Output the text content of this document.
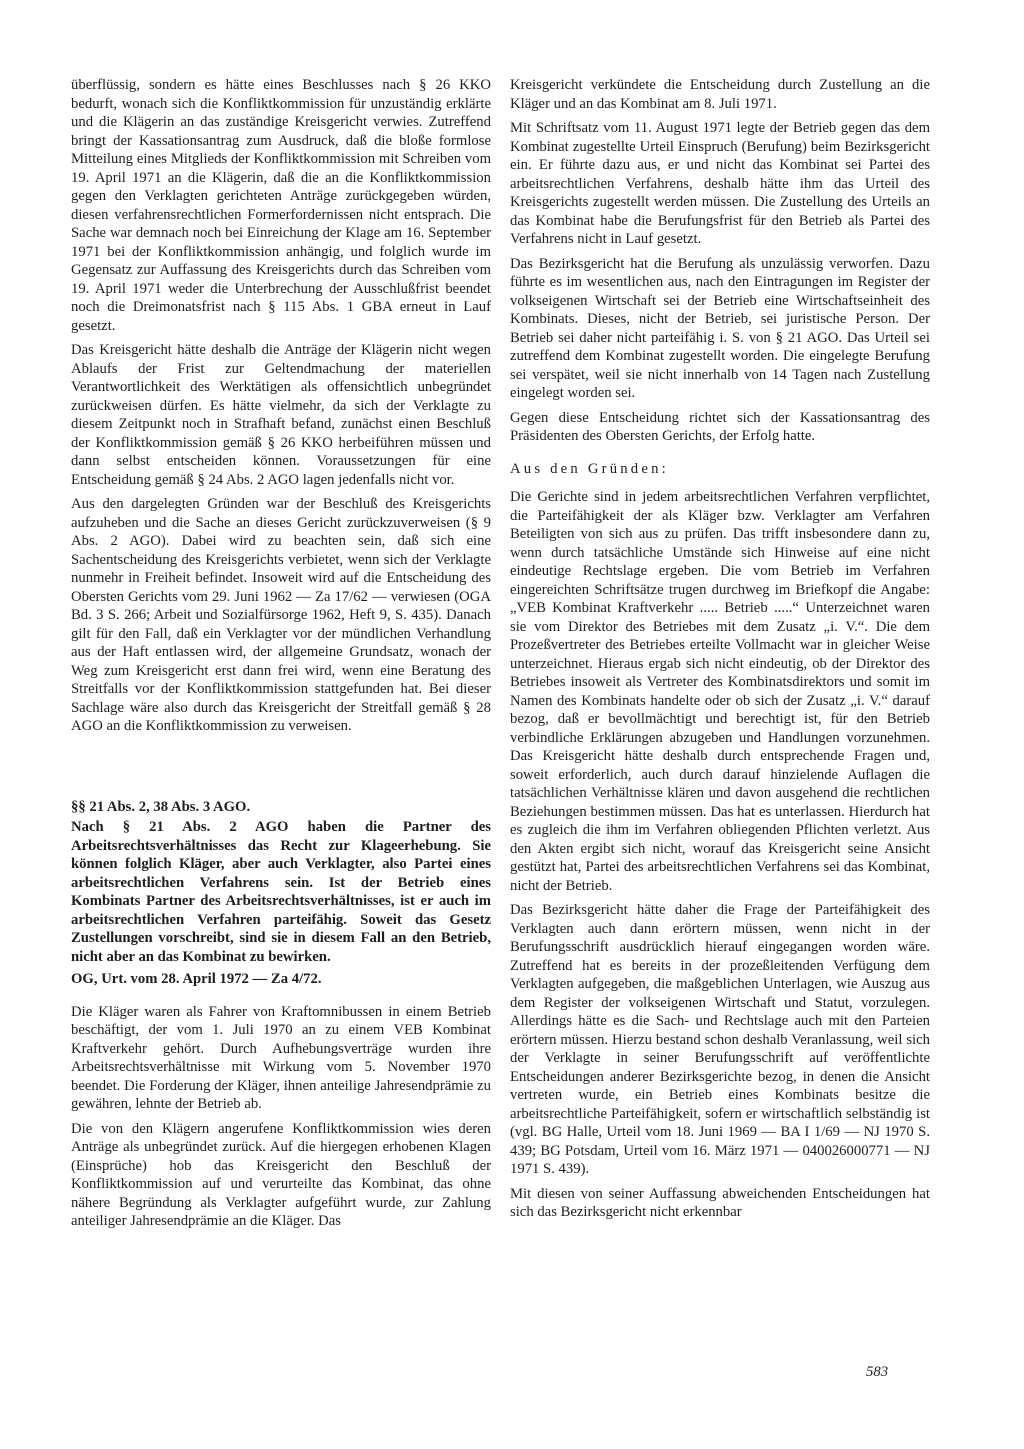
überflüssig, sondern es hätte eines Beschlusses nach § 26 KKO bedurft, wonach sich die Konfliktkommission für unzuständig erklärte und die Klägerin an das zuständige Kreisgericht verwies. Zutreffend bringt der Kassationsantrag zum Ausdruck, daß die bloße formlose Mitteilung eines Mitglieds der Konfliktkommission mit Schreiben vom 19. April 1971 an die Klägerin, daß die an die Konfliktkommission gegen den Verklagten gerichteten Anträge zurückgegeben würden, diesen verfahrensrechtlichen Formerfordernissen nicht entsprach. Die Sache war demnach noch bei Einreichung der Klage am 16. September 1971 bei der Konfliktkommission anhängig, und folglich wurde im Gegensatz zur Auffassung des Kreisgerichts durch das Schreiben vom 19. April 1971 weder die Unterbrechung der Ausschlußfrist beendet noch die Dreimonatsfrist nach § 115 Abs. 1 GBA erneut in Lauf gesetzt.

Das Kreisgericht hätte deshalb die Anträge der Klägerin nicht wegen Ablaufs der Frist zur Geltendmachung der materiellen Verantwortlichkeit des Werktätigen als offensichtlich unbegründet zurückweisen dürfen. Es hätte vielmehr, da sich der Verklagte zu diesem Zeitpunkt noch in Strafhaft befand, zunächst einen Beschluß der Konfliktkommission gemäß § 26 KKO herbeiführen müssen und dann selbst entscheiden können. Voraussetzungen für eine Entscheidung gemäß § 24 Abs. 2 AGO lagen jedenfalls nicht vor.

Aus den dargelegten Gründen war der Beschluß des Kreisgerichts aufzuheben und die Sache an dieses Gericht zurückzuverweisen (§ 9 Abs. 2 AGO). Dabei wird zu beachten sein, daß sich eine Sachentscheidung des Kreisgerichts verbietet, wenn sich der Verklagte nunmehr in Freiheit befindet. Insoweit wird auf die Entscheidung des Obersten Gerichts vom 29. Juni 1962 — Za 17/62 — verwiesen (OGA Bd. 3 S. 266; Arbeit und Sozialfürsorge 1962, Heft 9, S. 435). Danach gilt für den Fall, daß ein Verklagter vor der mündlichen Verhandlung aus der Haft entlassen wird, der allgemeine Grundsatz, wonach der Weg zum Kreisgericht erst dann frei wird, wenn eine Beratung des Streitfalls vor der Konfliktkommission stattgefunden hat. Bei dieser Sachlage wäre also durch das Kreisgericht der Streitfall gemäß § 28 AGO an die Konfliktkommission zu verweisen.

§§ 21 Abs. 2, 38 Abs. 3 AGO.
Nach § 21 Abs. 2 AGO haben die Partner des Arbeitsrechtsverhältnisses das Recht zur Klageerhebung. Sie können folglich Kläger, aber auch Verklagter, also Partei eines arbeitsrechtlichen Verfahrens sein. Ist der Betrieb eines Kombinats Partner des Arbeitsrechtsverhältnisses, ist er auch im arbeitsrechtlichen Verfahren parteifähig. Soweit das Gesetz Zustellungen vorschreibt, sind sie in diesem Fall an den Betrieb, nicht aber an das Kombinat zu bewirken.
OG, Urt. vom 28. April 1972 — Za 4/72.

Die Kläger waren als Fahrer von Kraftomnibussen in einem Betrieb beschäftigt, der vom 1. Juli 1970 an zu einem VEB Kombinat Kraftverkehr gehört. Durch Aufhebungsverträge wurden ihre Arbeitsrechtsverhältnisse mit Wirkung vom 5. November 1970 beendet. Die Forderung der Kläger, ihnen anteilige Jahresendprämie zu gewähren, lehnte der Betrieb ab.

Die von den Klägern angerufene Konfliktkommission wies deren Anträge als unbegründet zurück. Auf die hiergegen erhobenen Klagen (Einsprüche) hob das Kreisgericht den Beschluß der Konfliktkommission auf und verurteilte das Kombinat, das ohne nähere Begründung als Verklagter aufgeführt wurde, zur Zahlung anteiliger Jahresendprämie an die Kläger. Das

Kreisgericht verkündete die Entscheidung durch Zustellung an die Kläger und an das Kombinat am 8. Juli 1971.

Mit Schriftsatz vom 11. August 1971 legte der Betrieb gegen das dem Kombinat zugestellte Urteil Einspruch (Berufung) beim Bezirksgericht ein. Er führte dazu aus, er und nicht das Kombinat sei Partei des arbeitsrechtlichen Verfahrens, deshalb hätte ihm das Urteil des Kreisgerichts zugestellt werden müssen. Die Zustellung des Urteils an das Kombinat habe die Berufungsfrist für den Betrieb als Partei des Verfahrens nicht in Lauf gesetzt.

Das Bezirksgericht hat die Berufung als unzulässig verworfen. Dazu führte es im wesentlichen aus, nach den Eintragungen im Register der volkseigenen Wirtschaft sei der Betrieb eine Wirtschaftseinheit des Kombinats. Dieses, nicht der Betrieb, sei juristische Person. Der Betrieb sei daher nicht parteifähig i. S. von § 21 AGO. Das Urteil sei zutreffend dem Kombinat zugestellt worden. Die eingelegte Berufung sei verspätet, weil sie nicht innerhalb von 14 Tagen nach Zustellung eingelegt worden sei.

Gegen diese Entscheidung richtet sich der Kassationsantrag des Präsidenten des Obersten Gerichts, der Erfolg hatte.

Aus den Gründen:

Die Gerichte sind in jedem arbeitsrechtlichen Verfahren verpflichtet, die Parteifähigkeit der als Kläger bzw. Verklagter am Verfahren Beteiligten von sich aus zu prüfen. Das trifft insbesondere dann zu, wenn durch tatsächliche Umstände sich Hinweise auf eine nicht eindeutige Rechtslage ergeben. Die vom Betrieb im Verfahren eingereichten Schriftsätze trugen durchweg im Briefkopf die Angabe: „VEB Kombinat Kraftverkehr ..... Betrieb .....“ Unterzeichnet waren sie vom Direktor des Betriebes mit dem Zusatz „i. V.“. Die dem Prozeßvertreter des Betriebes erteilte Vollmacht war in gleicher Weise unterzeichnet. Hieraus ergab sich nicht eindeutig, ob der Direktor des Betriebes insoweit als Vertreter des Kombinatsdirektors und somit im Namen des Kombinats handelte oder ob sich der Zusatz „i. V.“ darauf bezog, daß er bevollmächtigt und berechtigt ist, für den Betrieb verbindliche Erklärungen abzugeben und Handlungen vorzunehmen. Das Kreisgericht hätte deshalb durch entsprechende Fragen und, soweit erforderlich, auch durch darauf hinzielende Auflagen die tatsächlichen Verhältnisse klären und davon ausgehend die rechtlichen Beziehungen bestimmen müssen. Das hat es unterlassen. Hierdurch hat es zugleich die ihm im Verfahren obliegenden Pflichten verletzt. Aus den Akten ergibt sich nicht, worauf das Kreisgericht seine Ansicht gestützt hat, Partei des arbeitsrechtlichen Verfahrens sei das Kombinat, nicht der Betrieb.

Das Bezirksgericht hätte daher die Frage der Parteifähigkeit des Verklagten auch dann erörtern müssen, wenn nicht in der Berufungsschrift ausdrücklich hierauf eingegangen worden wäre. Zutreffend hat es bereits in der prozeßleitenden Verfügung dem Verklagten aufgegeben, die maßgeblichen Unterlagen, wie Auszug aus dem Register der volkseigenen Wirtschaft und Statut, vorzulegen. Allerdings hätte es die Sach- und Rechtslage auch mit den Parteien erörtern müssen. Hierzu bestand schon deshalb Veranlassung, weil sich der Verklagte in seiner Berufungsschrift auf veröffentlichte Entscheidungen anderer Bezirksgerichte bezog, in denen die Ansicht vertreten wurde, ein Betrieb eines Kombinats besitze die arbeitsrechtliche Parteifähigkeit, sofern er wirtschaftlich selbständig ist (vgl. BG Halle, Urteil vom 18. Juni 1969 — BA I 1/69 — NJ 1970 S. 439; BG Potsdam, Urteil vom 16. März 1971 — 040026000771 — NJ 1971 S. 439).

Mit diesen von seiner Auffassung abweichenden Entscheidungen hat sich das Bezirksgericht nicht erkennbar

583
